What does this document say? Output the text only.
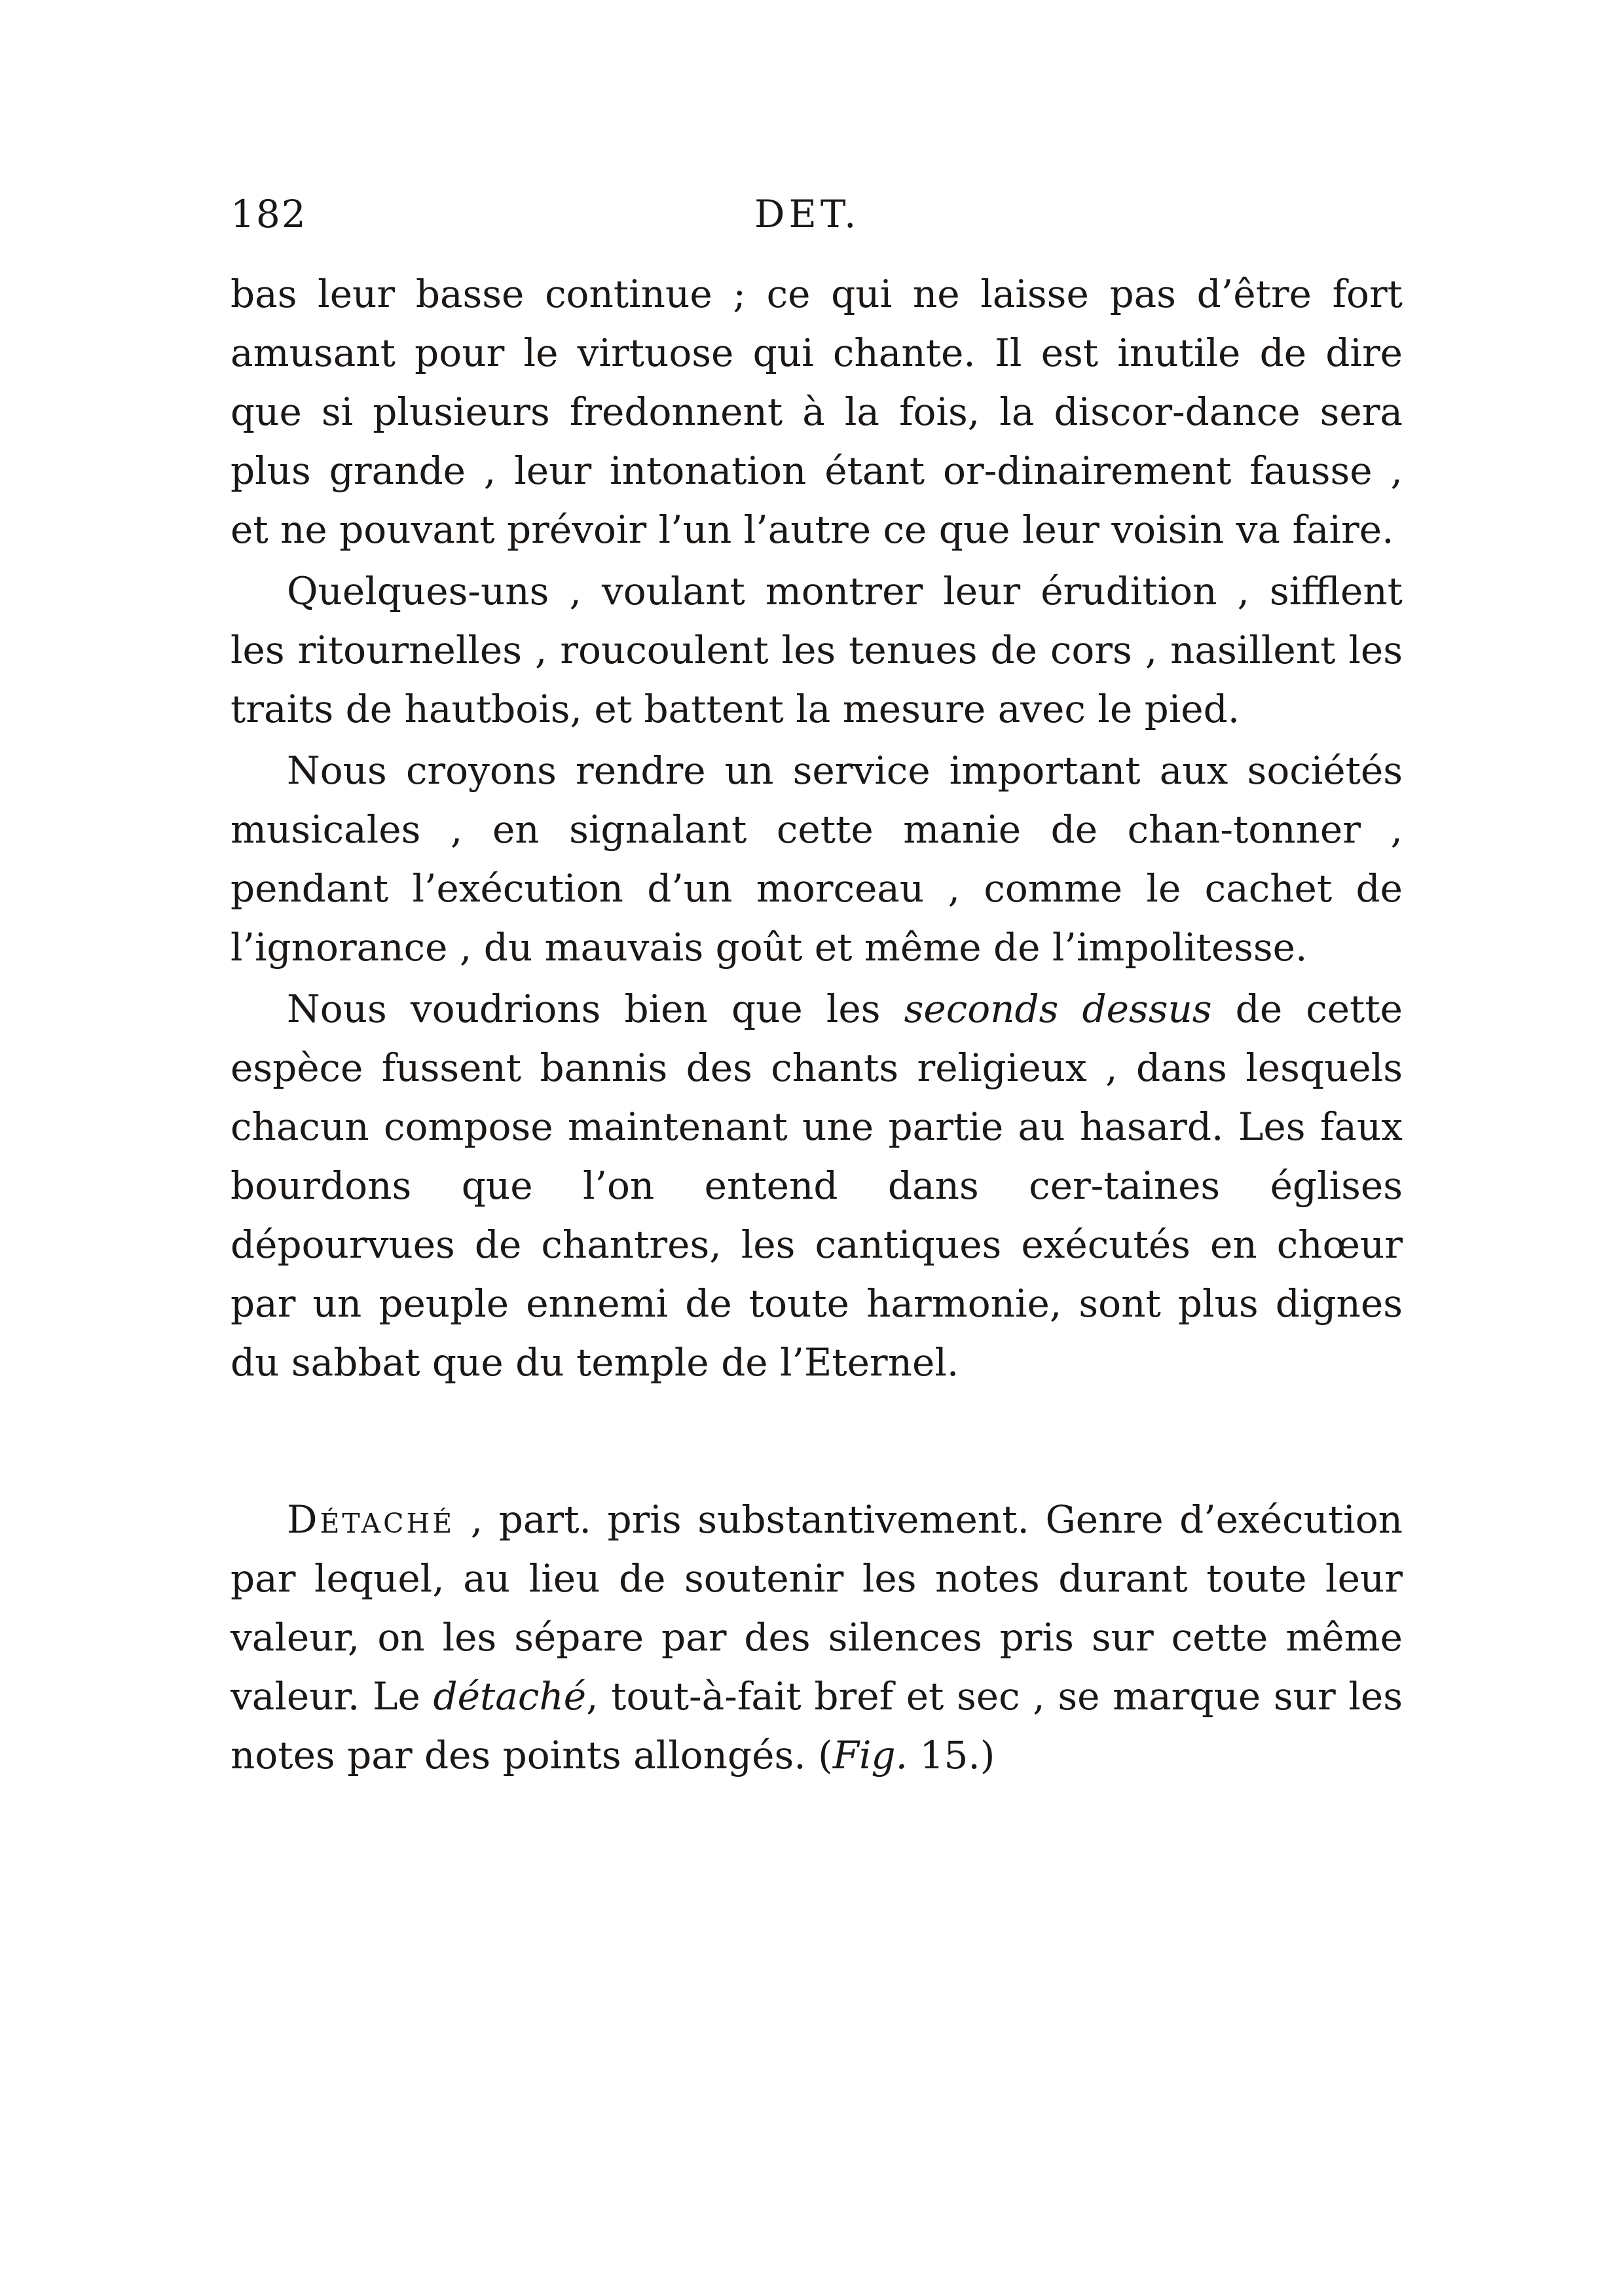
182	DET.

bas leur basse continue ; ce qui ne laisse pas d’être fort amusant pour le virtuose qui chante. Il est inutile de dire que si plusieurs fredonnent à la fois, la discor-dance sera plus grande , leur intonation étant or-dinairement fausse , et ne pouvant prévoir l’un l’autre ce que leur voisin va faire.

Quelques-uns , voulant montrer leur érudition , sifflent les ritournelles , roucoulent les tenues de cors , nasillent les traits de hautbois, et battent la mesure avec le pied.

Nous croyons rendre un service important aux sociétés musicales , en signalant cette manie de chan-tonner , pendant l’exécution d’un morceau , comme le cachet de l’ignorance , du mauvais goût et même de l’impolitesse.

Nous voudrions bien que les seconds dessus de cette espèce fussent bannis des chants religieux , dans lesquels chacun compose maintenant une partie au hasard. Les faux bourdons que l’on entend dans cer-taines églises dépourvues de chantres, les cantiques exécutés en chœur par un peuple ennemi de toute harmonie, sont plus dignes du sabbat que du temple de l’Eternel.

Détaché , part. pris substantivement. Genre d’exécution par lequel, au lieu de soutenir les notes durant toute leur valeur, on les sépare par des silences pris sur cette même valeur. Le détaché, tout-à-fait bref et sec , se marque sur les notes par des points allongés. (Fig. 15.)
